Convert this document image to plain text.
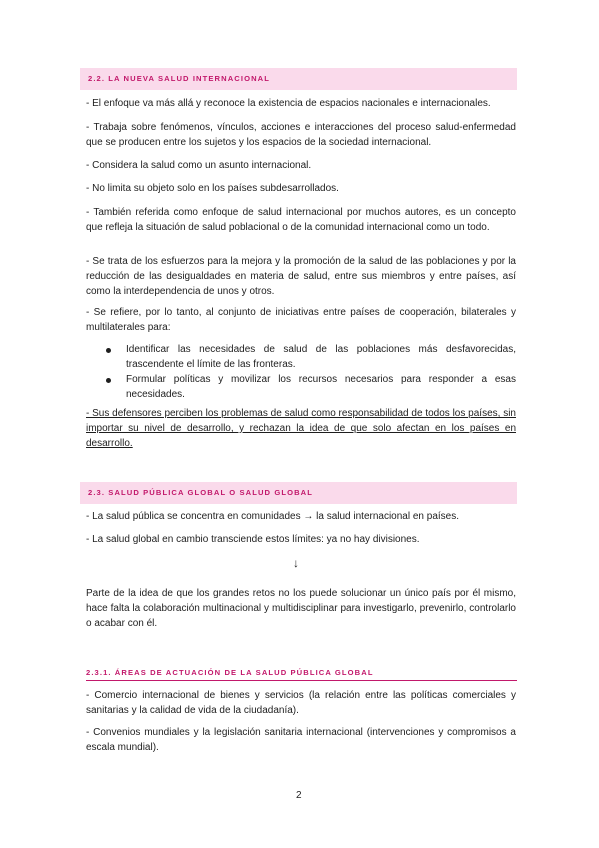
2.2. LA NUEVA SALUD INTERNACIONAL

- El enfoque va más allá y reconoce la existencia de espacios nacionales e internacionales.

- Trabaja sobre fenómenos, vínculos, acciones e interacciones del proceso salud-enfermedad que se producen entre los sujetos y los espacios de la sociedad internacional.

- Considera la salud como un asunto internacional.

- No limita su objeto solo en los países subdesarrollados.

- También referida como enfoque de salud internacional por muchos autores, es un concepto que refleja la situación de salud poblacional o de la comunidad internacional como un todo.

- Se trata de los esfuerzos para la mejora y la promoción de la salud de las poblaciones y por la reducción de las desigualdades en materia de salud, entre sus miembros y entre países, así como la interdependencia de unos y otros.

- Se refiere, por lo tanto, al conjunto de iniciativas entre países de cooperación, bilaterales y multilaterales para:

Identificar las necesidades de salud de las poblaciones más desfavorecidas, trascendente el límite de las fronteras.
Formular políticas y movilizar los recursos necesarios para responder a esas necesidades.

- Sus defensores perciben los problemas de salud como responsabilidad de todos los países, sin importar su nivel de desarrollo, y rechazan la idea de que solo afectan en los países en desarrollo.

2.3. SALUD PÚBLICA GLOBAL O SALUD GLOBAL

- La salud pública se concentra en comunidades → la salud internacional en países.

- La salud global en cambio transciende estos límites: ya no hay divisiones.

↓

Parte de la idea de que los grandes retos no los puede solucionar un único país por él mismo, hace falta la colaboración multinacional y multidisciplinar para investigarlo, prevenirlo, controlarlo o acabar con él.

2.3.1. ÁREAS DE ACTUACIÓN DE LA SALUD PÚBLICA GLOBAL

- Comercio internacional de bienes y servicios (la relación entre las políticas comerciales y sanitarias y la calidad de vida de la ciudadanía).

- Convenios mundiales y la legislación sanitaria internacional (intervenciones y compromisos a escala mundial).

2
